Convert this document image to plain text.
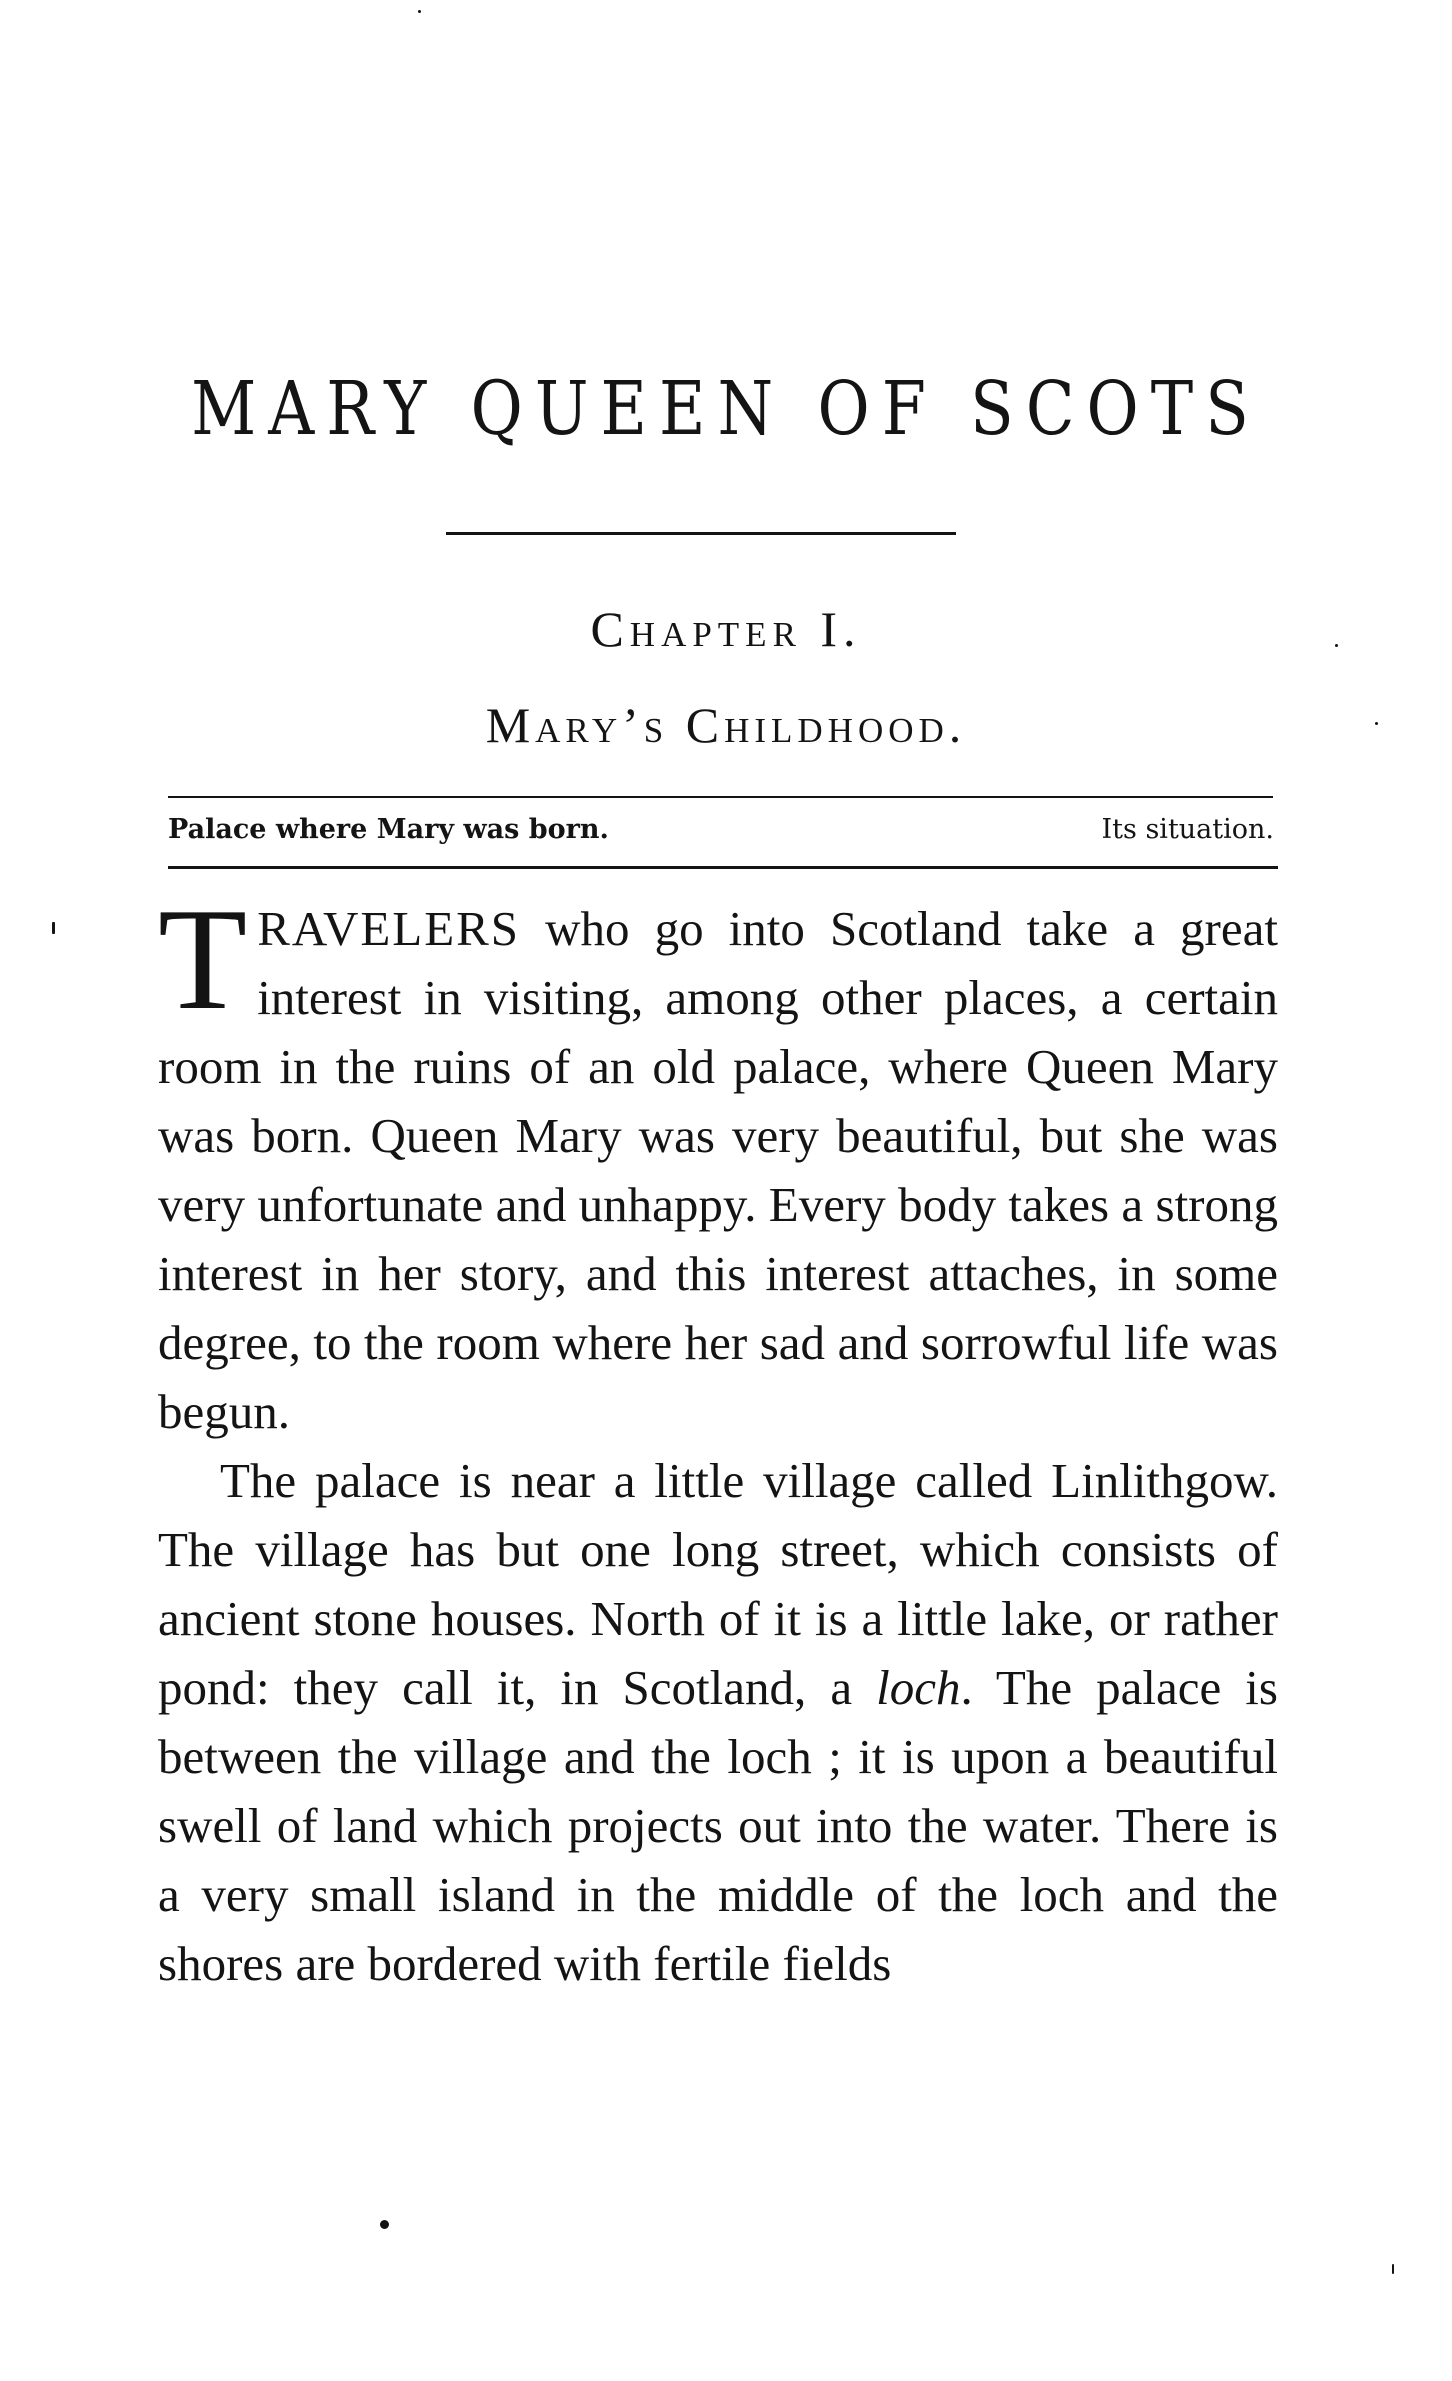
MARY QUEEN OF SCOTS
Chapter I.
Mary’s Childhood.
Palace where Mary was born.	Its situation.

TRAVELERS who go into Scotland take a great interest in visiting, among other places, a certain room in the ruins of an old palace, where Queen Mary was born. Queen Mary was very beautiful, but she was very unfortunate and unhappy. Every body takes a strong interest in her story, and this interest attaches, in some degree, to the room where her sad and sorrowful life was begun.

The palace is near a little village called Linlithgow. The village has but one long street, which consists of ancient stone houses. North of it is a little lake, or rather pond: they call it, in Scotland, a loch. The palace is between the village and the loch ; it is upon a beautiful swell of land which projects out into the water. There is a very small island in the middle of the loch and the shores are bordered with fertile fields
